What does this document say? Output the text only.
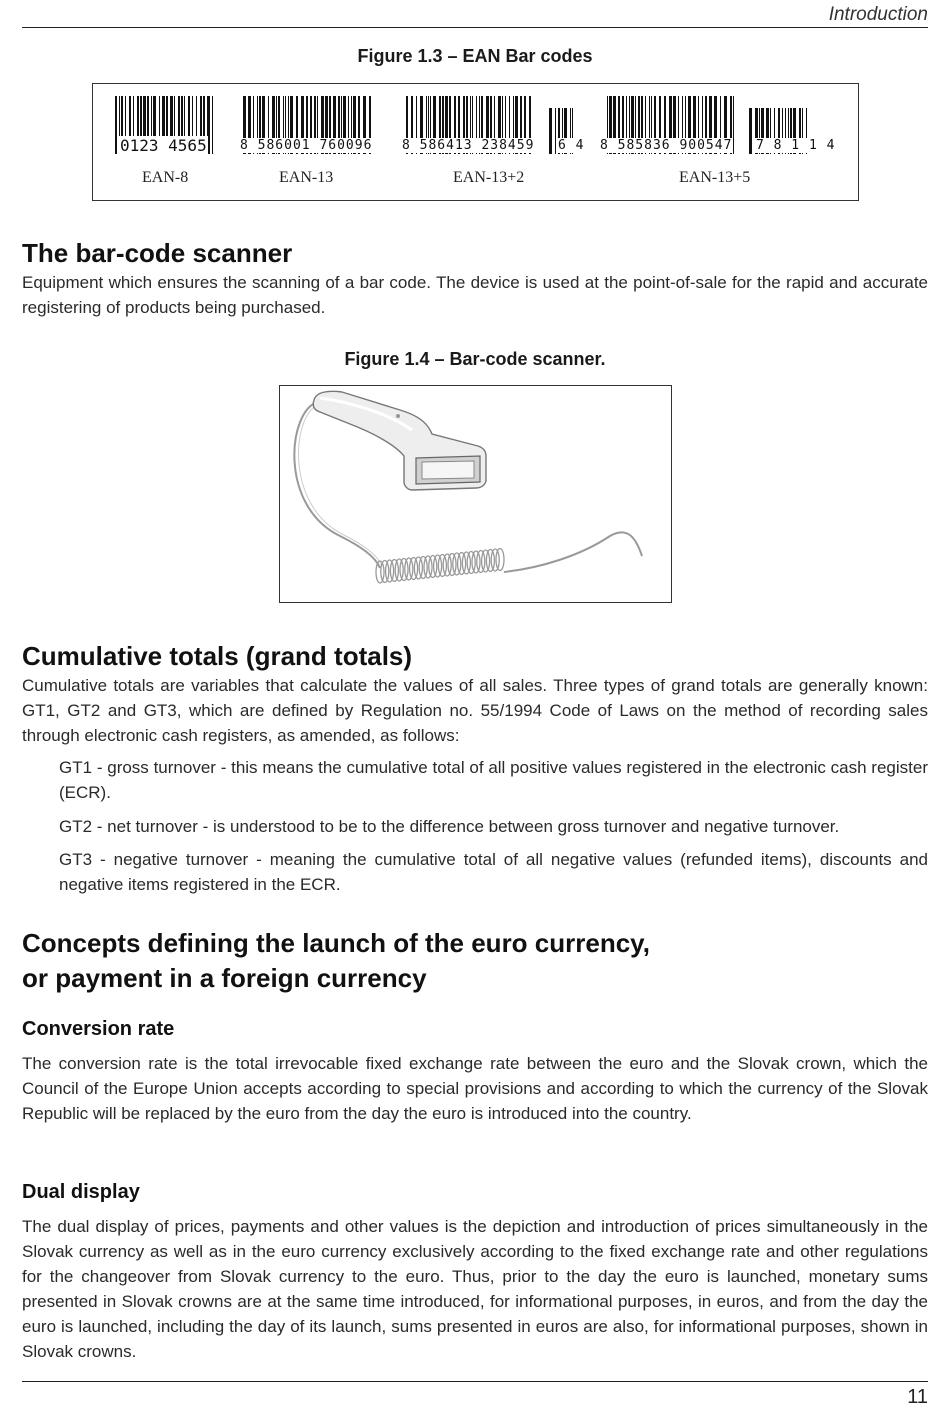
Introduction
Figure 1.3 – EAN Bar codes
0123 4565
EAN-8
8 586001 760096
EAN-13
8 586413 238459 6 4
EAN-13+2
8 585836 900547 7 8 1 1 4
EAN-13+5
The bar-code scanner
Equipment which ensures the scanning of a bar code. The device is used at the point-of-sale for the rapid and accurate registering of products being purchased.
Figure 1.4 – Bar-code scanner.
Cumulative totals (grand totals)
Cumulative totals are variables that calculate the values of all sales. Three types of grand totals are generally known: GT1, GT2 and GT3, which are defined by Regulation no. 55/1994 Code of Laws on the method of recording sales through electronic cash registers, as amended, as follows:
GT1 - gross turnover - this means the cumulative total of all positive values registered in the electronic cash register (ECR).
GT2 - net turnover - is understood to be to the difference between gross turnover and negative turnover.
GT3 - negative turnover - meaning the cumulative total of all negative values (refunded items), discounts and negative items registered in the ECR.
Concepts defining the launch of the euro currency,
or payment in a foreign currency
Conversion rate
The conversion rate is the total irrevocable fixed exchange rate between the euro and the Slovak crown, which the Council of the Europe Union accepts according to special provisions and according to which the currency of the Slovak Republic will be replaced by the euro from the day the euro is introduced into the country.
Dual display
The dual display of prices, payments and other values is the depiction and introduction of prices simultaneously in the Slovak currency as well as in the euro currency exclusively according to the fixed exchange rate and other regulations for the changeover from Slovak currency to the euro. Thus, prior to the day the euro is launched, monetary sums presented in Slovak crowns are at the same time introduced, for informational purposes, in euros, and from the day the euro is launched, including the day of its launch, sums presented in euros are also, for informational purposes, shown in Slovak crowns.
11
